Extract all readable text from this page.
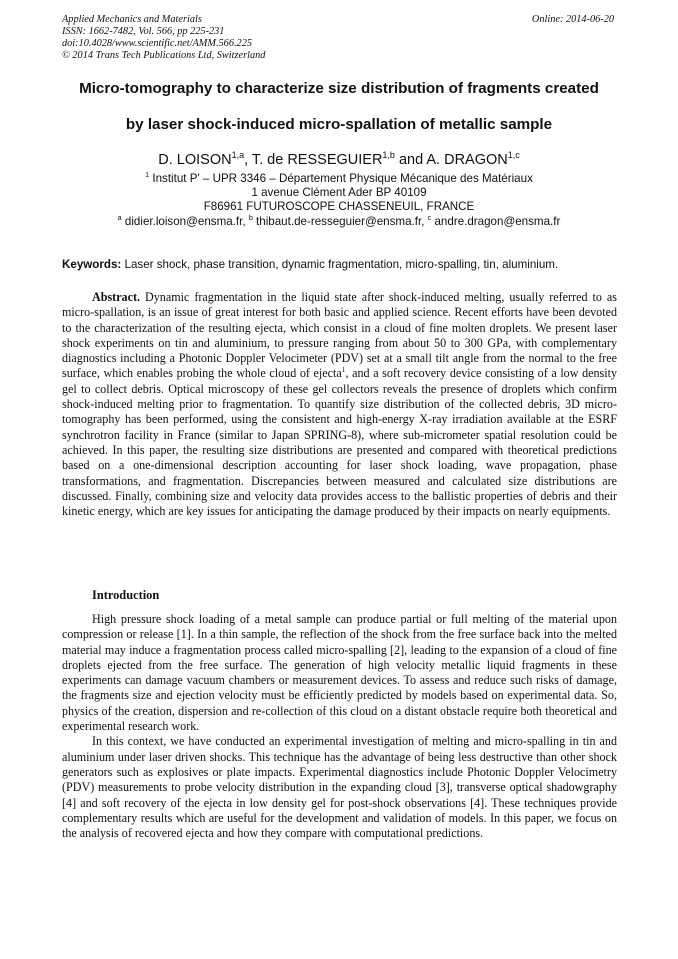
Applied Mechanics and Materials
ISSN: 1662-7482, Vol. 566, pp 225-231
doi:10.4028/www.scientific.net/AMM.566.225
© 2014 Trans Tech Publications Ltd, Switzerland
Online: 2014-06-20
Micro-tomography to characterize size distribution of fragments created
by laser shock-induced micro-spallation of metallic sample
D. LOISON$^{1,a}$, T. de RESSEGUIER$^{1,b}$ and A. DRAGON$^{1,c}$
$^1$ Institut P' – UPR 3346 – Département Physique Mécanique des Matériaux
1 avenue Clément Ader BP 40109
F86961 FUTUROSCOPE CHASSENEUIL, FRANCE
$^a$ didier.loison@ensma.fr, $^b$ thibaut.de-resseguier@ensma.fr, $^c$ andre.dragon@ensma.fr
Keywords: Laser shock, phase transition, dynamic fragmentation, micro-spalling, tin, aluminium.

Abstract. Dynamic fragmentation in the liquid state after shock-induced melting, usually referred to as micro-spallation, is an issue of great interest for both basic and applied science. Recent efforts have been devoted to the characterization of the resulting ejecta, which consist in a cloud of fine molten droplets. We present laser shock experiments on tin and aluminium, to pressure ranging from about 50 to 300 GPa, with complementary diagnostics including a Photonic Doppler Velocimeter (PDV) set at a small tilt angle from the normal to the free surface, which enables probing the whole cloud of ejecta$^1$, and a soft recovery device consisting of a low density gel to collect debris. Optical microscopy of these gel collectors reveals the presence of droplets which confirm shock-induced melting prior to fragmentation. To quantify size distribution of the collected debris, 3D micro-tomography has been performed, using the consistent and high-energy X-ray irradiation available at the ESRF synchrotron facility in France (similar to Japan SPRING-8), where sub-micrometer spatial resolution could be achieved. In this paper, the resulting size distributions are presented and compared with theoretical predictions based on a one-dimensional description accounting for laser shock loading, wave propagation, phase transformations, and fragmentation. Discrepancies between measured and calculated size distributions are discussed. Finally, combining size and velocity data provides access to the ballistic properties of debris and their kinetic energy, which are key issues for anticipating the damage produced by their impacts on nearly equipments.

Introduction

High pressure shock loading of a metal sample can produce partial or full melting of the material upon compression or release [1]. In a thin sample, the reflection of the shock from the free surface back into the melted material may induce a fragmentation process called micro-spalling [2], leading to the expansion of a cloud of fine droplets ejected from the free surface. The generation of high velocity metallic liquid fragments in these experiments can damage vacuum chambers or measurement devices. To assess and reduce such risks of damage, the fragments size and ejection velocity must be efficiently predicted by models based on experimental data. So, physics of the creation, dispersion and re-collection of this cloud on a distant obstacle require both theoretical and experimental research work.

In this context, we have conducted an experimental investigation of melting and micro-spalling in tin and aluminium under laser driven shocks. This technique has the advantage of being less destructive than other shock generators such as explosives or plate impacts. Experimental diagnostics include Photonic Doppler Velocimetry (PDV) measurements to probe velocity distribution in the expanding cloud [3], transverse optical shadowgraphy [4] and soft recovery of the ejecta in low density gel for post-shock observations [4]. These techniques provide complementary results which are useful for the development and validation of models. In this paper, we focus on the analysis of recovered ejecta and how they compare with computational predictions.
